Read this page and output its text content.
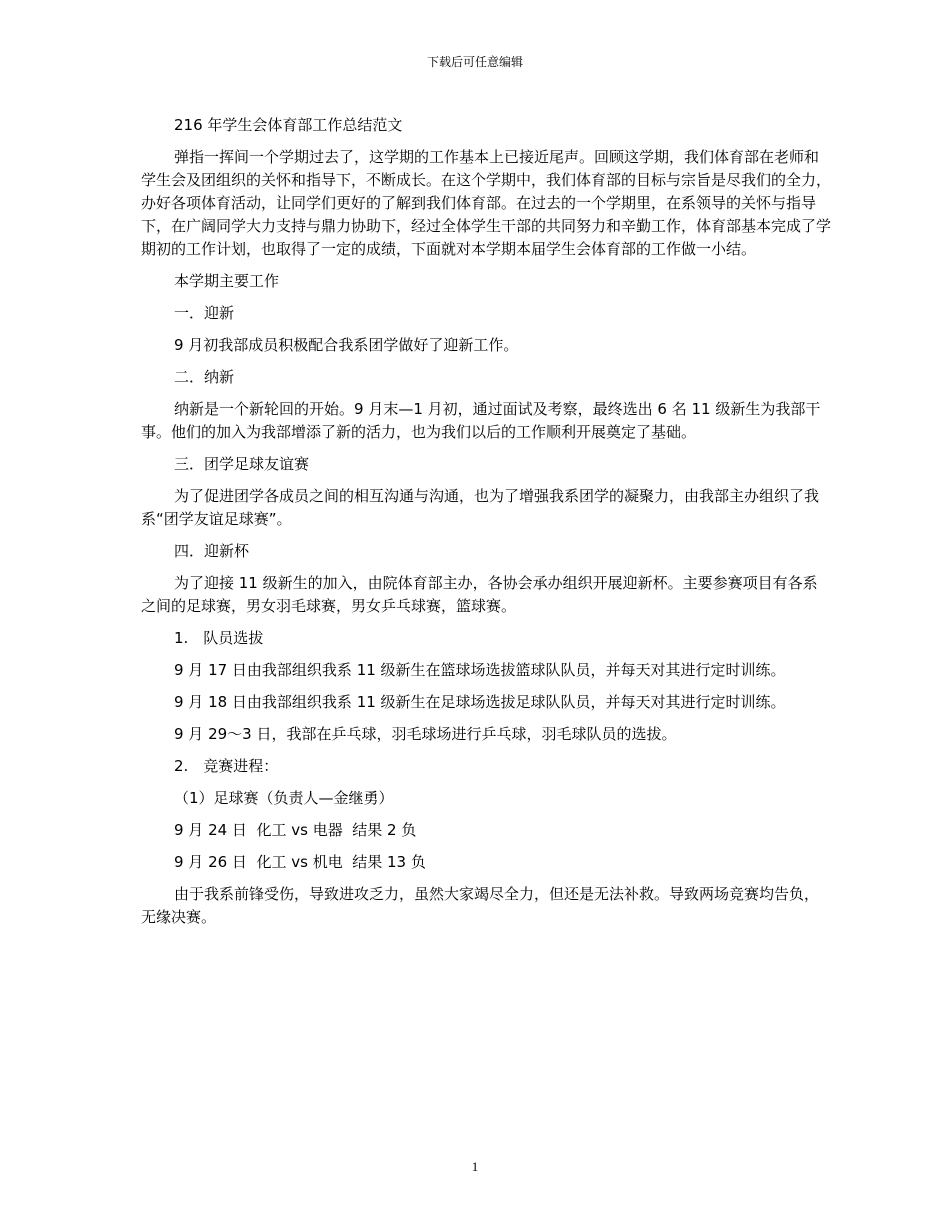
下载后可任意编辑

216 年学生会体育部工作总结范文

弹指一挥间一个学期过去了，这学期的工作基本上已接近尾声。回顾这学期，我们体育部在老师和学生会及团组织的关怀和指导下，不断成长。在这个学期中，我们体育部的目标与宗旨是尽我们的全力，办好各项体育活动，让同学们更好的了解到我们体育部。在过去的一个学期里，在系领导的关怀与指导下，在广阔同学大力支持与鼎力协助下，经过全体学生干部的共同努力和辛勤工作，体育部基本完成了学期初的工作计划，也取得了一定的成绩，下面就对本学期本届学生会体育部的工作做一小结。

本学期主要工作

一．迎新

9 月初我部成员积极配合我系团学做好了迎新工作。

二．纳新

纳新是一个新轮回的开始。9 月末—1 月初，通过面试及考察，最终选出 6 名 11 级新生为我部干事。他们的加入为我部增添了新的活力，也为我们以后的工作顺利开展奠定了基础。

三．团学足球友谊赛

为了促进团学各成员之间的相互沟通与沟通，也为了增强我系团学的凝聚力，由我部主办组织了我系“团学友谊足球赛”。

四．迎新杯

为了迎接 11 级新生的加入，由院体育部主办，各协会承办组织开展迎新杯。主要参赛项目有各系之间的足球赛，男女羽毛球赛，男女乒乓球赛，篮球赛。

1.　队员选拔

9 月 17 日由我部组织我系 11 级新生在篮球场选拔篮球队队员，并每天对其进行定时训练。

9 月 18 日由我部组织我系 11 级新生在足球场选拔足球队队员，并每天对其进行定时训练。

9 月 29～3 日，我部在乒乓球，羽毛球场进行乒乓球，羽毛球队员的选拔。

2.　竞赛进程：

（1）足球赛（负责人—金继勇）

9 月 24 日  化工 vs 电器  结果 2 负

9 月 26 日  化工 vs 机电  结果 13 负

由于我系前锋受伤，导致进攻乏力，虽然大家竭尽全力，但还是无法补救。导致两场竞赛均告负，无缘决赛。

1
